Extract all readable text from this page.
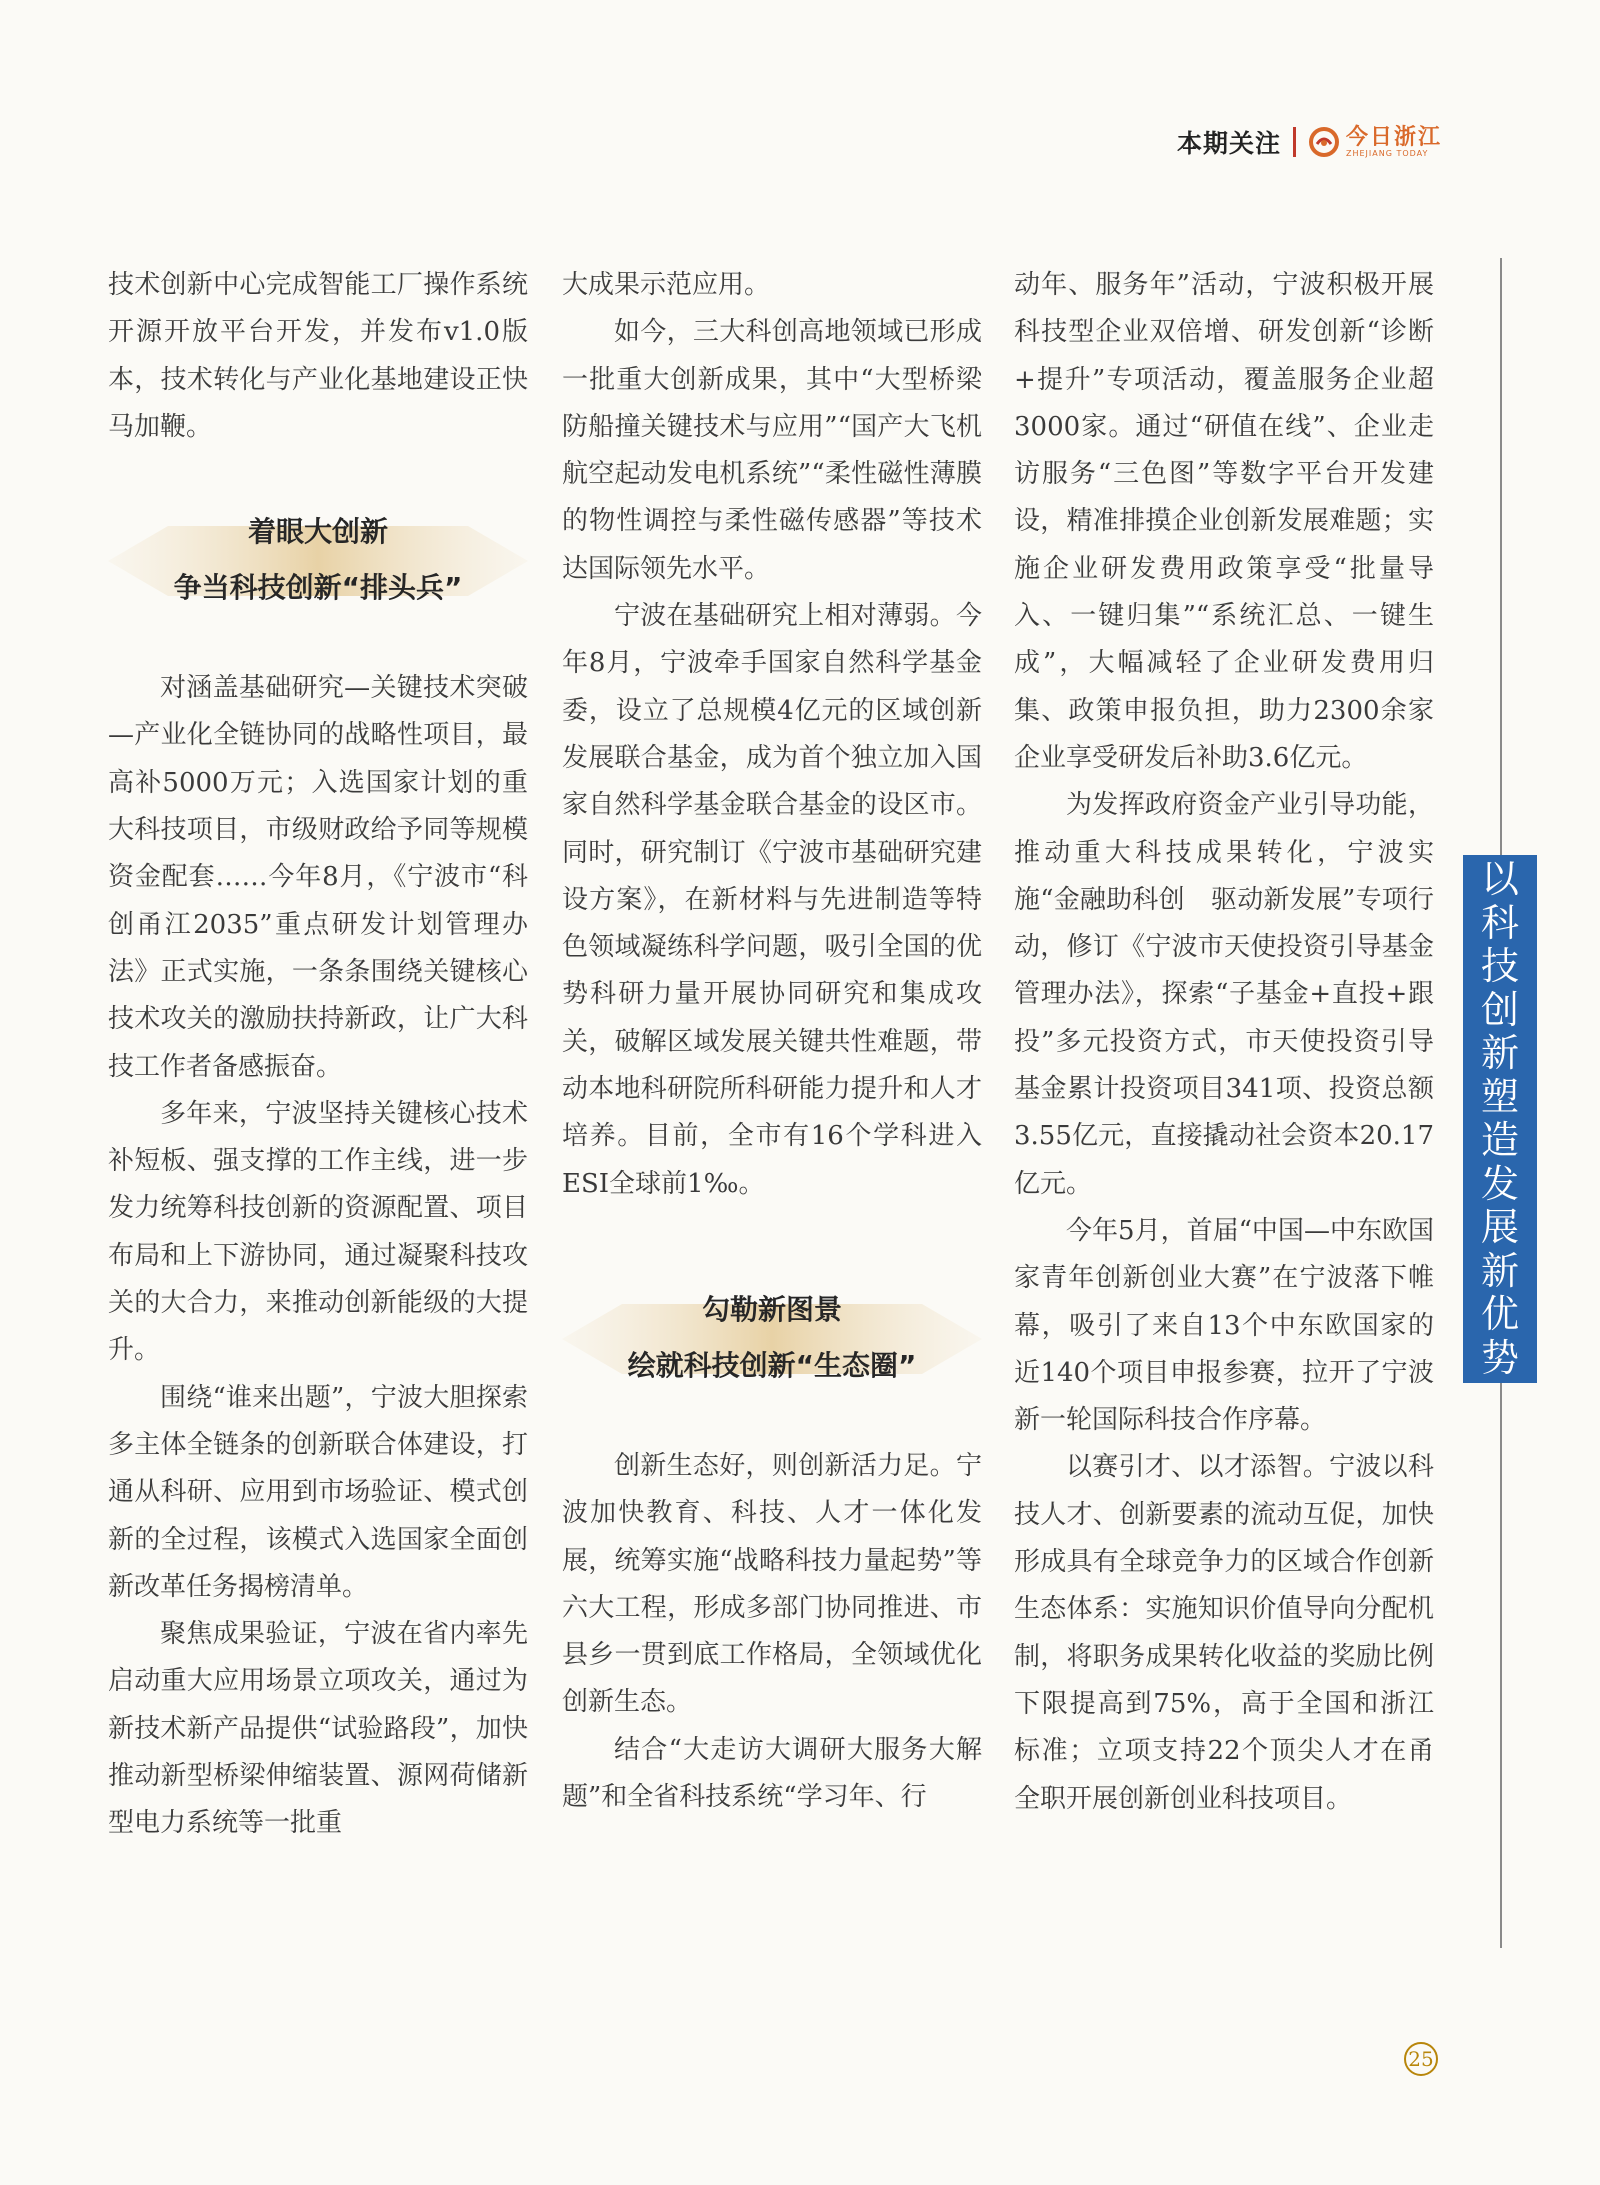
本期关注	今日浙江
ZHEJIANG TODAY

技术创新中心完成智能工厂操作系统开源开放平台开发，并发布v1.0版本，技术转化与产业化基地建设正快马加鞭。

着眼大创新
争当科技创新“排头兵”

对涵盖基础研究—关键技术突破—产业化全链协同的战略性项目，最高补5000万元；入选国家计划的重大科技项目，市级财政给予同等规模资金配套……今年8月，《宁波市“科创甬江2035”重点研发计划管理办法》正式实施，一条条围绕关键核心技术攻关的激励扶持新政，让广大科技工作者备感振奋。

多年来，宁波坚持关键核心技术补短板、强支撑的工作主线，进一步发力统筹科技创新的资源配置、项目布局和上下游协同，通过凝聚科技攻关的大合力，来推动创新能级的大提升。

围绕“谁来出题”，宁波大胆探索多主体全链条的创新联合体建设，打通从科研、应用到市场验证、模式创新的全过程，该模式入选国家全面创新改革任务揭榜清单。

聚焦成果验证，宁波在省内率先启动重大应用场景立项攻关，通过为新技术新产品提供“试验路段”，加快推动新型桥梁伸缩装置、源网荷储新型电力系统等一批重

大成果示范应用。

如今，三大科创高地领域已形成一批重大创新成果，其中“大型桥梁防船撞关键技术与应用”“国产大飞机航空起动发电机系统”“柔性磁性薄膜的物性调控与柔性磁传感器”等技术达国际领先水平。

宁波在基础研究上相对薄弱。今年8月，宁波牵手国家自然科学基金委，设立了总规模4亿元的区域创新发展联合基金，成为首个独立加入国家自然科学基金联合基金的设区市。同时，研究制订《宁波市基础研究建设方案》，在新材料与先进制造等特色领域凝练科学问题，吸引全国的优势科研力量开展协同研究和集成攻关，破解区域发展关键共性难题，带动本地科研院所科研能力提升和人才培养。目前，全市有16个学科进入ESI全球前1‰。

勾勒新图景
绘就科技创新“生态圈”

创新生态好，则创新活力足。宁波加快教育、科技、人才一体化发展，统筹实施“战略科技力量起势”等六大工程，形成多部门协同推进、市县乡一贯到底工作格局，全领域优化创新生态。

结合“大走访大调研大服务大解题”和全省科技系统“学习年、行

动年、服务年”活动，宁波积极开展科技型企业双倍增、研发创新“诊断+提升”专项活动，覆盖服务企业超3000家。通过“研值在线”、企业走访服务“三色图”等数字平台开发建设，精准排摸企业创新发展难题；实施企业研发费用政策享受“批量导入、一键归集”“系统汇总、一键生成”，大幅减轻了企业研发费用归集、政策申报负担，助力2300余家企业享受研发后补助3.6亿元。

为发挥政府资金产业引导功能，推动重大科技成果转化，宁波实施“金融助科创　驱动新发展”专项行动，修订《宁波市天使投资引导基金管理办法》，探索“子基金+直投+跟投”多元投资方式，市天使投资引导基金累计投资项目341项、投资总额3.55亿元，直接撬动社会资本20.17亿元。

今年5月，首届“中国—中东欧国家青年创新创业大赛”在宁波落下帷幕，吸引了来自13个中东欧国家的近140个项目申报参赛，拉开了宁波新一轮国际科技合作序幕。

以赛引才、以才添智。宁波以科技人才、创新要素的流动互促，加快形成具有全球竞争力的区域合作创新生态体系：实施知识价值导向分配机制，将职务成果转化收益的奖励比例下限提高到75%，高于全国和浙江标准；立项支持22个顶尖人才在甬全职开展创新创业科技项目。

以
科
技
创
新
塑
造
发
展
新
优
势
25
